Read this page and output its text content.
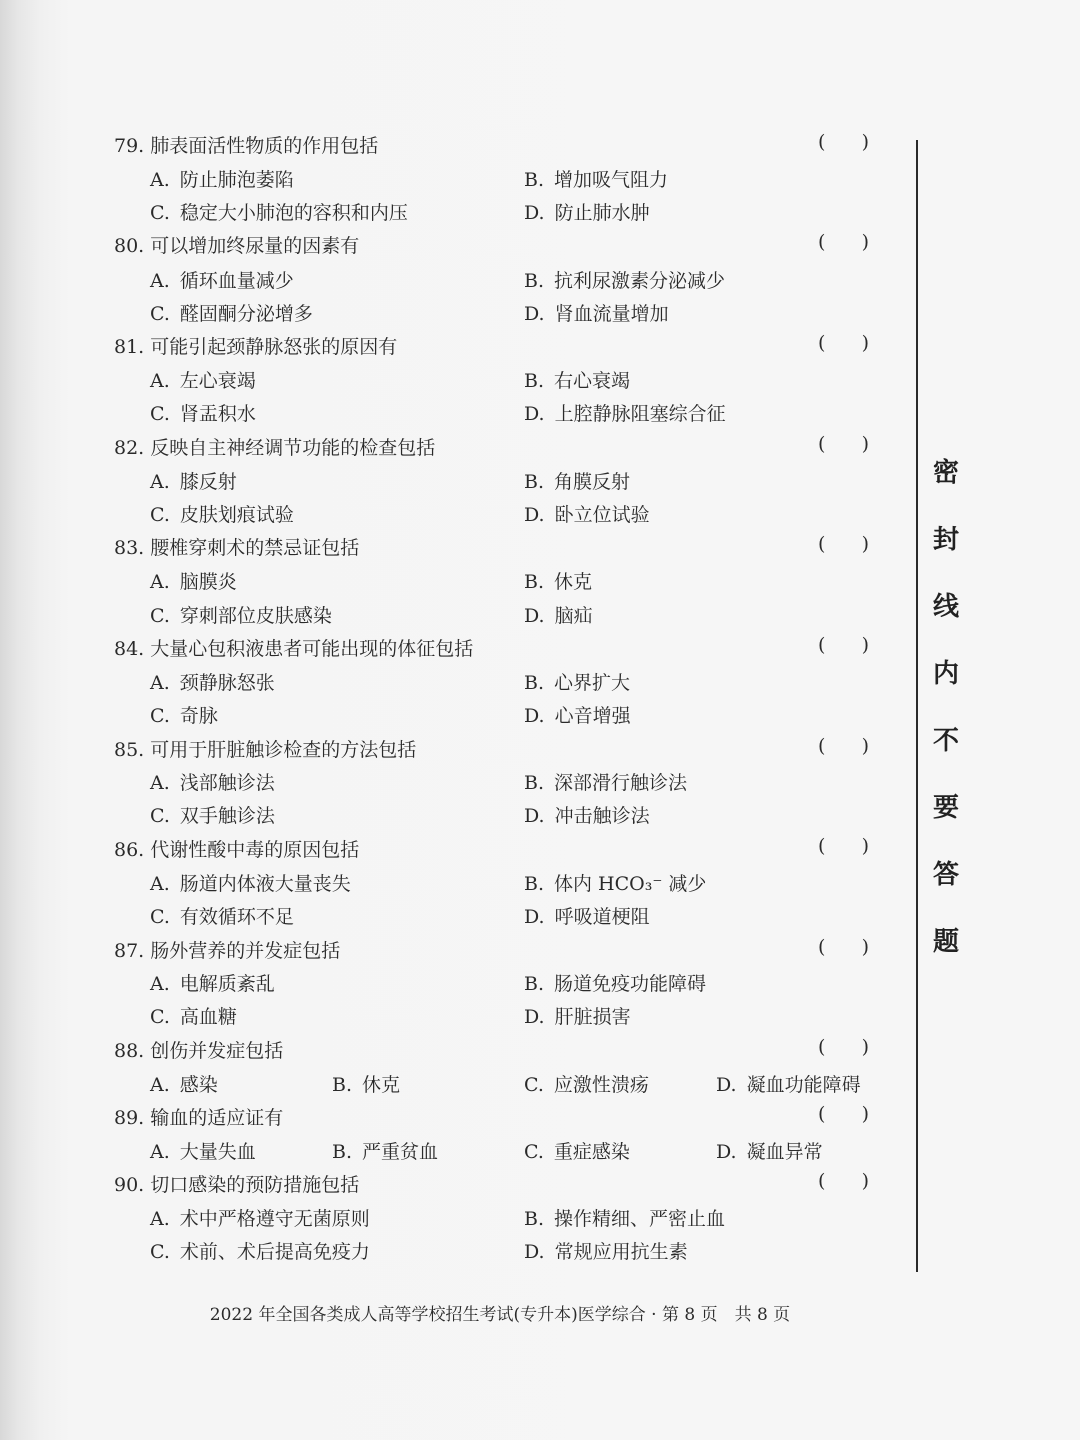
79. 肺表面活性物质的作用包括	(      )
A. 防止肺泡萎陷	B. 增加吸气阻力
C. 稳定大小肺泡的容积和内压	D. 防止肺水肿
80. 可以增加终尿量的因素有	(      )
A. 循环血量减少	B. 抗利尿激素分泌减少
C. 醛固酮分泌增多	D. 肾血流量增加
81. 可能引起颈静脉怒张的原因有	(      )
A. 左心衰竭	B. 右心衰竭
C. 肾盂积水	D. 上腔静脉阻塞综合征
82. 反映自主神经调节功能的检查包括	(      )
A. 膝反射	B. 角膜反射
C. 皮肤划痕试验	D. 卧立位试验
83. 腰椎穿刺术的禁忌证包括	(      )
A. 脑膜炎	B. 休克
C. 穿刺部位皮肤感染	D. 脑疝
84. 大量心包积液患者可能出现的体征包括	(      )
A. 颈静脉怒张	B. 心界扩大
C. 奇脉	D. 心音增强
85. 可用于肝脏触诊检查的方法包括	(      )
A. 浅部触诊法	B. 深部滑行触诊法
C. 双手触诊法	D. 冲击触诊法
86. 代谢性酸中毒的原因包括	(      )
A. 肠道内体液大量丧失	B. 体内 HCO₃⁻ 减少
C. 有效循环不足	D. 呼吸道梗阻
87. 肠外营养的并发症包括	(      )
A. 电解质紊乱	B. 肠道免疫功能障碍
C. 高血糖	D. 肝脏损害
88. 创伤并发症包括	(      )
A. 感染	B. 休克	C. 应激性溃疡	D. 凝血功能障碍
89. 输血的适应证有	(      )
A. 大量失血	B. 严重贫血	C. 重症感染	D. 凝血异常
90. 切口感染的预防措施包括	(      )
A. 术中严格遵守无菌原则	B. 操作精细、严密止血
C. 术前、术后提高免疫力	D. 常规应用抗生素
密
封
线
内
不
要
答
题
2022 年全国各类成人高等学校招生考试(专升本)医学综合 · 第 8 页　共 8 页
